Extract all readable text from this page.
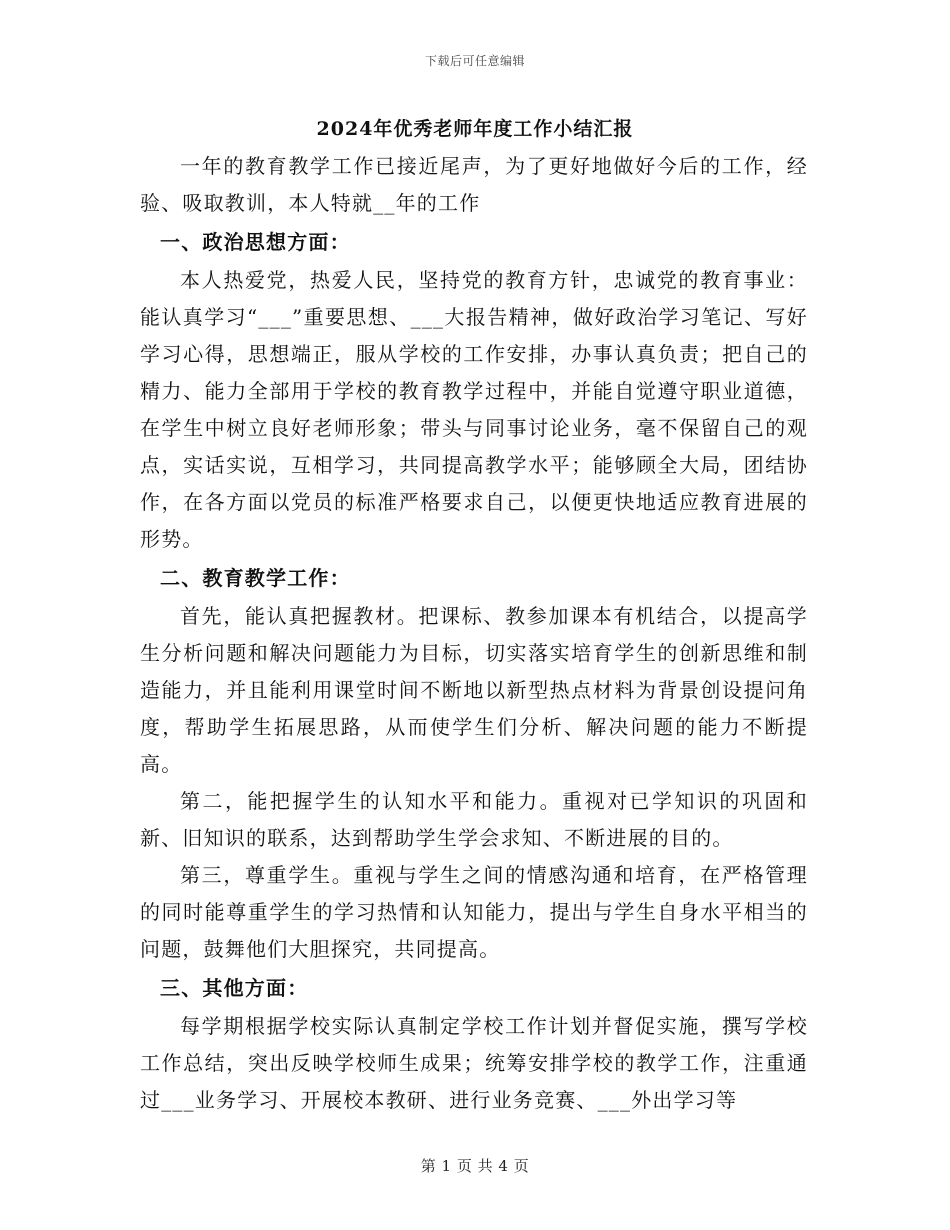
下载后可任意编辑
2024年优秀老师年度工作小结汇报

一年的教育教学工作已接近尾声，为了更好地做好今后的工作，经验、吸取教训，本人特就__年的工作

一、政治思想方面：

本人热爱党，热爱人民，坚持党的教育方针，忠诚党的教育事业：能认真学习“___”重要思想、___大报告精神，做好政治学习笔记、写好学习心得，思想端正，服从学校的工作安排，办事认真负责；把自己的精力、能力全部用于学校的教育教学过程中，并能自觉遵守职业道德，在学生中树立良好老师形象；带头与同事讨论业务，毫不保留自己的观点，实话实说，互相学习，共同提高教学水平；能够顾全大局，团结协作，在各方面以党员的标准严格要求自己，以便更快地适应教育进展的形势。

二、教育教学工作：

首先，能认真把握教材。把课标、教参加课本有机结合，以提高学生分析问题和解决问题能力为目标，切实落实培育学生的创新思维和制造能力，并且能利用课堂时间不断地以新型热点材料为背景创设提问角度，帮助学生拓展思路，从而使学生们分析、解决问题的能力不断提高。

第二，能把握学生的认知水平和能力。重视对已学知识的巩固和新、旧知识的联系，达到帮助学生学会求知、不断进展的目的。

第三，尊重学生。重视与学生之间的情感沟通和培育，在严格管理的同时能尊重学生的学习热情和认知能力，提出与学生自身水平相当的问题，鼓舞他们大胆探究，共同提高。

三、其他方面：

每学期根据学校实际认真制定学校工作计划并督促实施，撰写学校工作总结，突出反映学校师生成果；统筹安排学校的教学工作，注重通过___业务学习、开展校本教研、进行业务竞赛、___外出学习等

第 1 页 共 4 页
